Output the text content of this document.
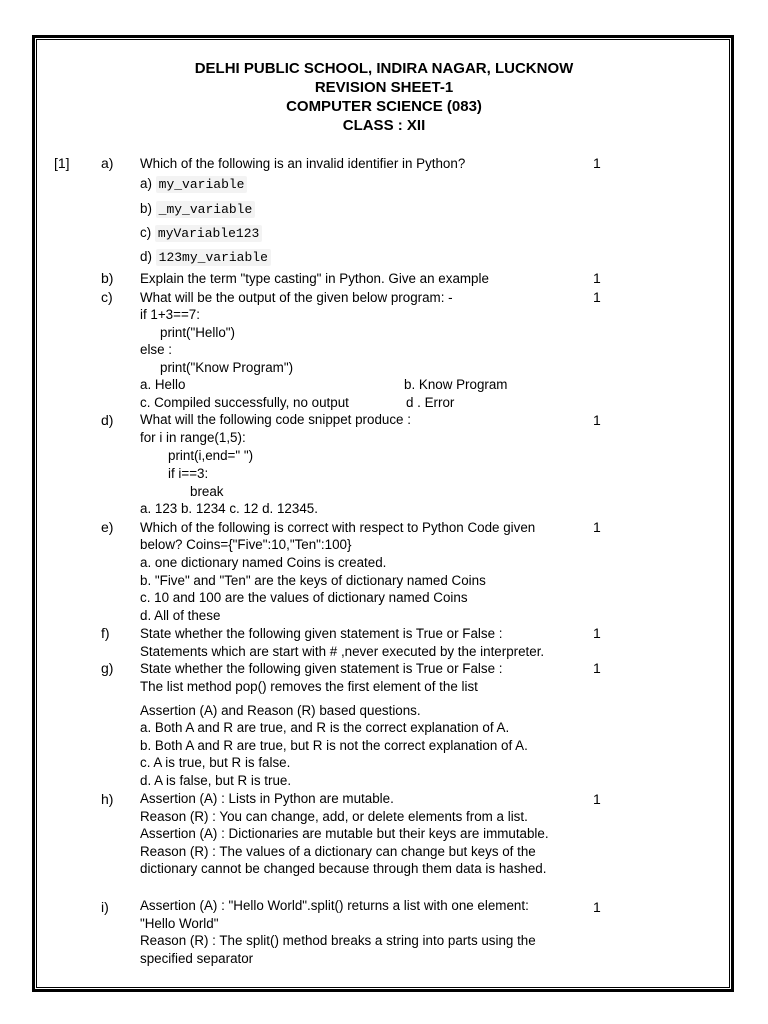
DELHI PUBLIC SCHOOL, INDIRA NAGAR, LUCKNOW
REVISION SHEET-1
COMPUTER SCIENCE (083)
CLASS : XII
[1] a) Which of the following is an invalid identifier in Python?	1
a) my_variable
b) _my_variable
c) myVariable123
d) 123my_variable
b) Explain the term "type casting" in Python. Give an example	1
c) What will be the output of the given below program: -	1
if 1+3==7:
print("Hello")
else :
print("Know Program")
a. Hello	b. Know Program
c. Compiled successfully, no output	d . Error
d) What will the following code snippet produce :	1
for i in range(1,5):
print(i,end=" ")
if i==3:
break
a. 123 b. 1234 c. 12 d. 12345.
e) Which of the following is correct with respect to Python Code given	1
below? Coins={"Five":10,"Ten":100}
a. one dictionary named Coins is created.
b. "Five" and "Ten" are the keys of dictionary named Coins
c. 10 and 100 are the values of dictionary named Coins
d. All of these
f) State whether the following given statement is True or False :	1
Statements which are start with # ,never executed by the interpreter.
g) State whether the following given statement is True or False :	1
The list method pop() removes the first element of the list
Assertion (A) and Reason (R) based questions.
a. Both A and R are true, and R is the correct explanation of A.
b. Both A and R are true, but R is not the correct explanation of A.
c. A is true, but R is false.
d. A is false, but R is true.
h)	1
Assertion (A) : Lists in Python are mutable.
Reason (R) : You can change, add, or delete elements from a list.
Assertion (A) : Dictionaries are mutable but their keys are immutable.
Reason (R) : The values of a dictionary can change but keys of the
dictionary cannot be changed because through them data is hashed.
i)	1
Assertion (A) : "Hello World".split() returns a list with one element:
"Hello World"
Reason (R) : The split() method breaks a string into parts using the
specified separator
